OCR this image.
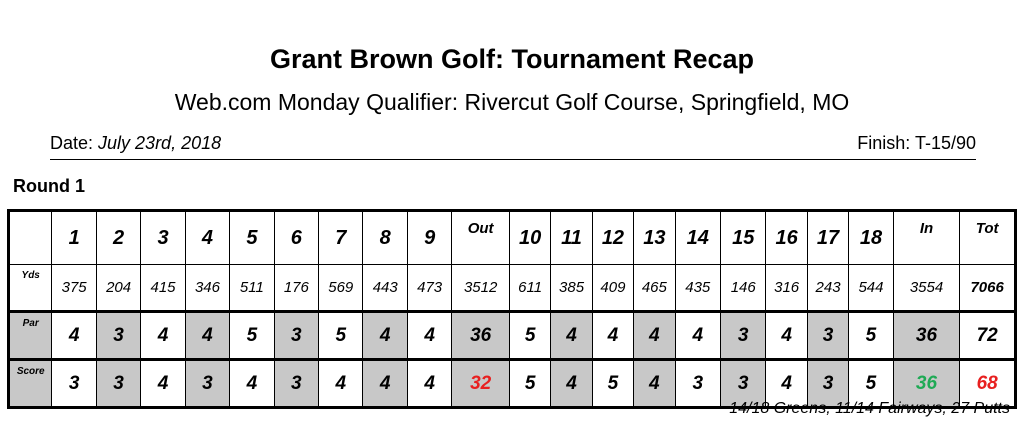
Grant Brown Golf: Tournament Recap
Web.com Monday Qualifier: Rivercut Golf Course, Springfield, MO
Date: July 23rd, 2018	Finish: T-15/90
Round 1
	1	2	3	4	5	6	7	8	9	Out	10	11	12	13	14	15	16	17	18	In	Tot
Yds	375	204	415	346	511	176	569	443	473	3512	611	385	409	465	435	146	316	243	544	3554	7066
Par	4	3	4	4	5	3	5	4	4	36	5	4	4	4	4	3	4	3	5	36	72
Score	3	3	4	3	4	3	4	4	4	32	5	4	5	4	3	3	4	3	5	36	68
14/18 Greens, 11/14 Fairways, 27 Putts
